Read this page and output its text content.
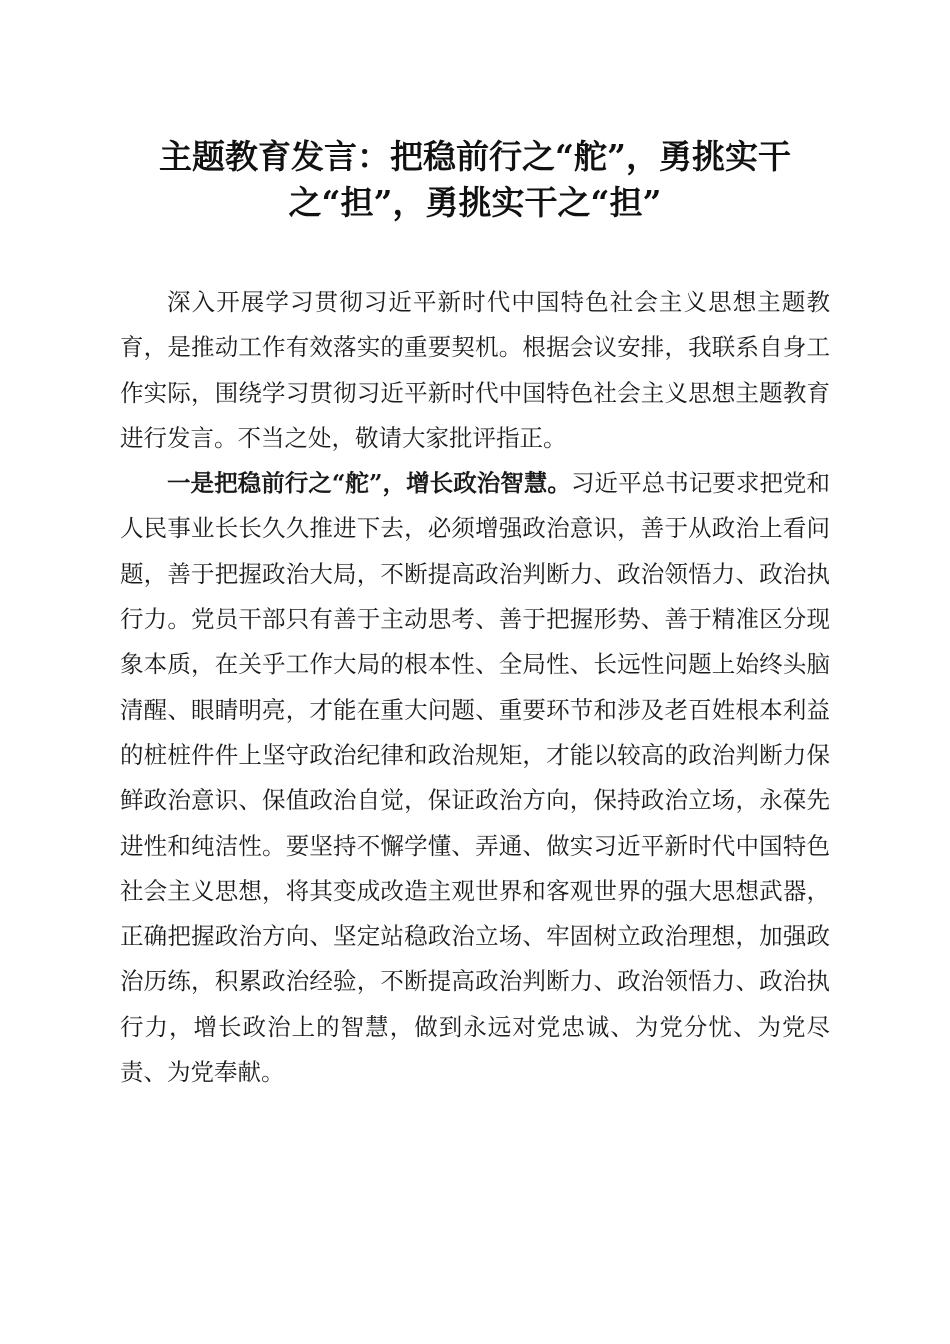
主题教育发言：把稳前行之“舵”，勇挑实干之“担”，勇挑实干之“担”

深入开展学习贯彻习近平新时代中国特色社会主义思想主题教育，是推动工作有效落实的重要契机。根据会议安排，我联系自身工作实际，围绕学习贯彻习近平新时代中国特色社会主义思想主题教育进行发言。不当之处，敬请大家批评指正。

一是把稳前行之“舵”，增长政治智慧。习近平总书记要求把党和人民事业长长久久推进下去，必须增强政治意识，善于从政治上看问题，善于把握政治大局，不断提高政治判断力、政治领悟力、政治执行力。党员干部只有善于主动思考、善于把握形势、善于精准区分现象本质，在关乎工作大局的根本性、全局性、长远性问题上始终头脑清醒、眼睛明亮，才能在重大问题、重要环节和涉及老百姓根本利益的桩桩件件上坚守政治纪律和政治规矩，才能以较高的政治判断力保鲜政治意识、保值政治自觉，保证政治方向，保持政治立场，永葆先进性和纯洁性。要坚持不懈学懂、弄通、做实习近平新时代中国特色社会主义思想，将其变成改造主观世界和客观世界的强大思想武器，正确把握政治方向、坚定站稳政治立场、牢固树立政治理想，加强政治历练，积累政治经验，不断提高政治判断力、政治领悟力、政治执行力，增长政治上的智慧，做到永远对党忠诚、为党分忧、为党尽责、为党奉献。
